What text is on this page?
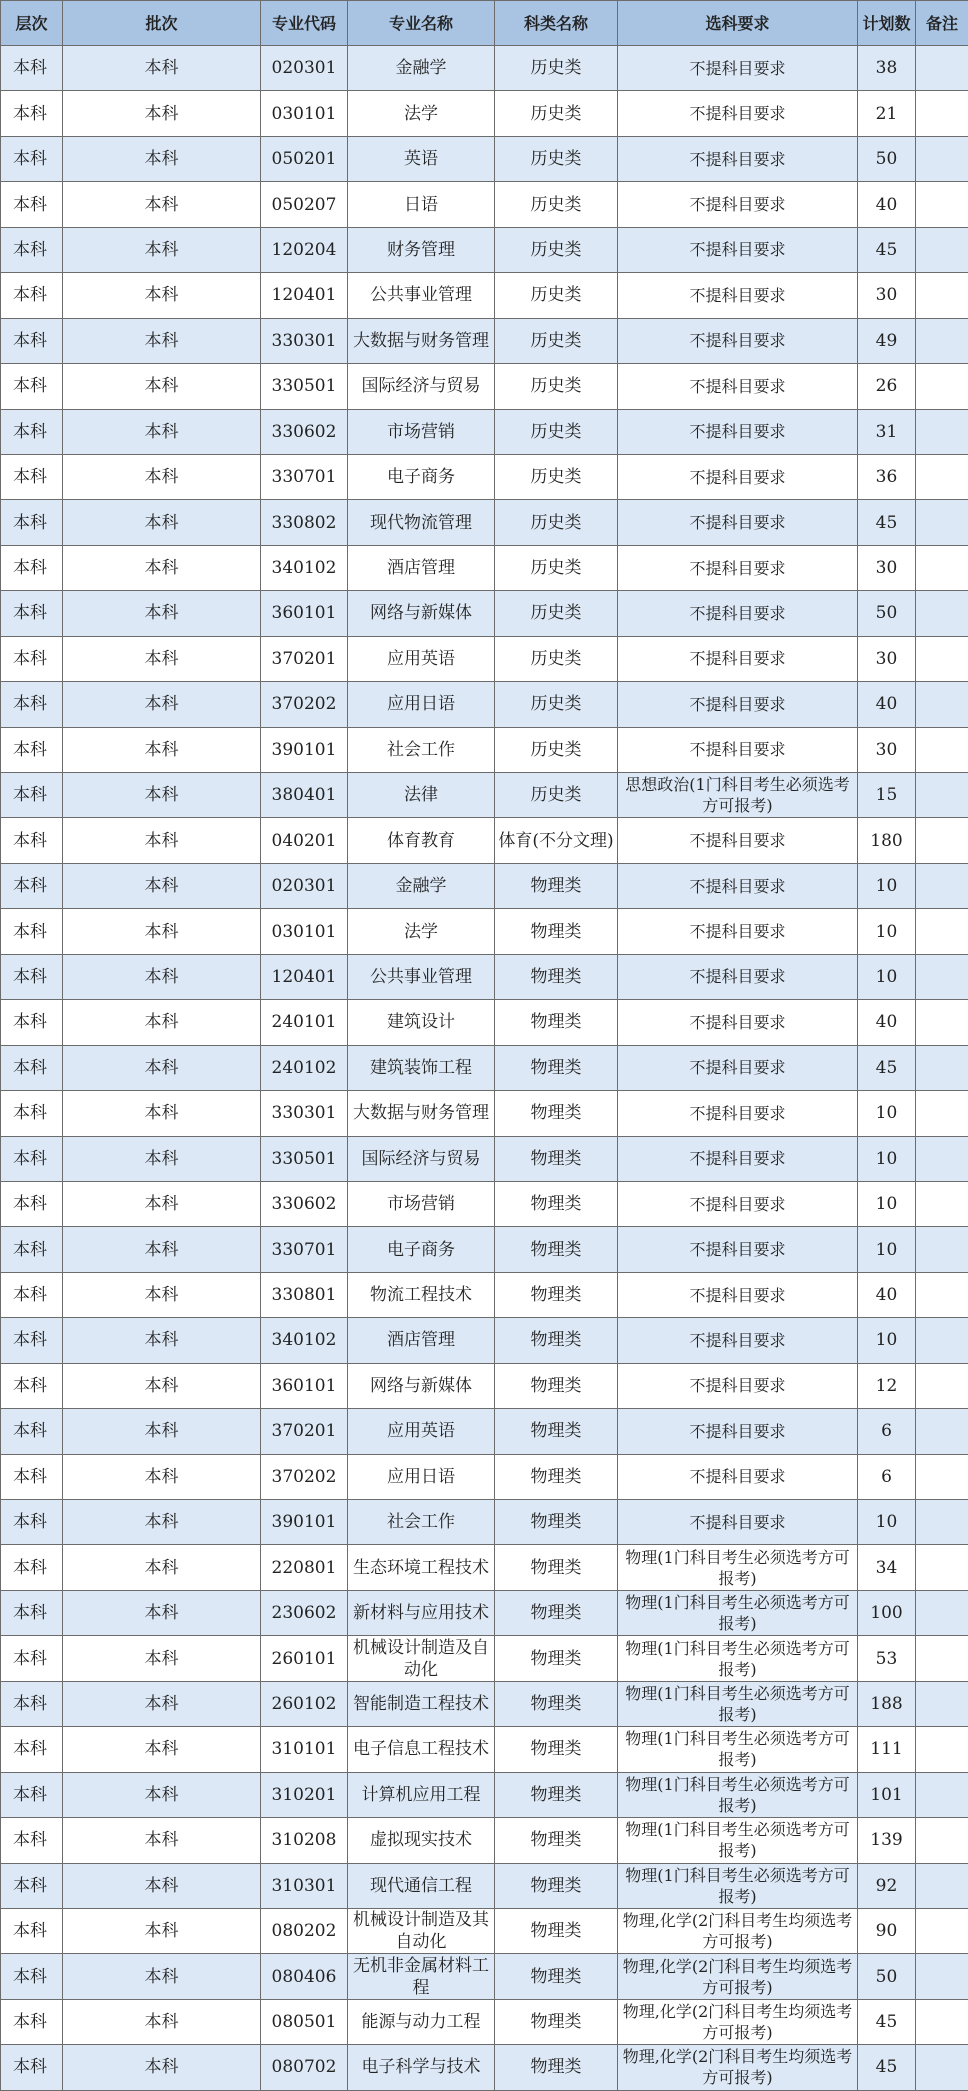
层次	批次	专业代码	专业名称	科类名称	选科要求	计划数	备注
本科	本科	020301	金融学	历史类	不提科目要求	38	
本科	本科	030101	法学	历史类	不提科目要求	21	
本科	本科	050201	英语	历史类	不提科目要求	50	
本科	本科	050207	日语	历史类	不提科目要求	40	
本科	本科	120204	财务管理	历史类	不提科目要求	45	
本科	本科	120401	公共事业管理	历史类	不提科目要求	30	
本科	本科	330301	大数据与财务管理	历史类	不提科目要求	49	
本科	本科	330501	国际经济与贸易	历史类	不提科目要求	26	
本科	本科	330602	市场营销	历史类	不提科目要求	31	
本科	本科	330701	电子商务	历史类	不提科目要求	36	
本科	本科	330802	现代物流管理	历史类	不提科目要求	45	
本科	本科	340102	酒店管理	历史类	不提科目要求	30	
本科	本科	360101	网络与新媒体	历史类	不提科目要求	50	
本科	本科	370201	应用英语	历史类	不提科目要求	30	
本科	本科	370202	应用日语	历史类	不提科目要求	40	
本科	本科	390101	社会工作	历史类	不提科目要求	30	
本科	本科	380401	法律	历史类	思想政治(1门科目考生必须选考方可报考)	15	
本科	本科	040201	体育教育	体育(不分文理)	不提科目要求	180	
本科	本科	020301	金融学	物理类	不提科目要求	10	
本科	本科	030101	法学	物理类	不提科目要求	10	
本科	本科	120401	公共事业管理	物理类	不提科目要求	10	
本科	本科	240101	建筑设计	物理类	不提科目要求	40	
本科	本科	240102	建筑装饰工程	物理类	不提科目要求	45	
本科	本科	330301	大数据与财务管理	物理类	不提科目要求	10	
本科	本科	330501	国际经济与贸易	物理类	不提科目要求	10	
本科	本科	330602	市场营销	物理类	不提科目要求	10	
本科	本科	330701	电子商务	物理类	不提科目要求	10	
本科	本科	330801	物流工程技术	物理类	不提科目要求	40	
本科	本科	340102	酒店管理	物理类	不提科目要求	10	
本科	本科	360101	网络与新媒体	物理类	不提科目要求	12	
本科	本科	370201	应用英语	物理类	不提科目要求	6	
本科	本科	370202	应用日语	物理类	不提科目要求	6	
本科	本科	390101	社会工作	物理类	不提科目要求	10	
本科	本科	220801	生态环境工程技术	物理类	物理(1门科目考生必须选考方可报考)	34	
本科	本科	230602	新材料与应用技术	物理类	物理(1门科目考生必须选考方可报考)	100	
本科	本科	260101	机械设计制造及自动化	物理类	物理(1门科目考生必须选考方可报考)	53	
本科	本科	260102	智能制造工程技术	物理类	物理(1门科目考生必须选考方可报考)	188	
本科	本科	310101	电子信息工程技术	物理类	物理(1门科目考生必须选考方可报考)	111	
本科	本科	310201	计算机应用工程	物理类	物理(1门科目考生必须选考方可报考)	101	
本科	本科	310208	虚拟现实技术	物理类	物理(1门科目考生必须选考方可报考)	139	
本科	本科	310301	现代通信工程	物理类	物理(1门科目考生必须选考方可报考)	92	
本科	本科	080202	机械设计制造及其自动化	物理类	物理,化学(2门科目考生均须选考方可报考)	90	
本科	本科	080406	无机非金属材料工程	物理类	物理,化学(2门科目考生均须选考方可报考)	50	
本科	本科	080501	能源与动力工程	物理类	物理,化学(2门科目考生均须选考方可报考)	45	
本科	本科	080702	电子科学与技术	物理类	物理,化学(2门科目考生均须选考方可报考)	45	
